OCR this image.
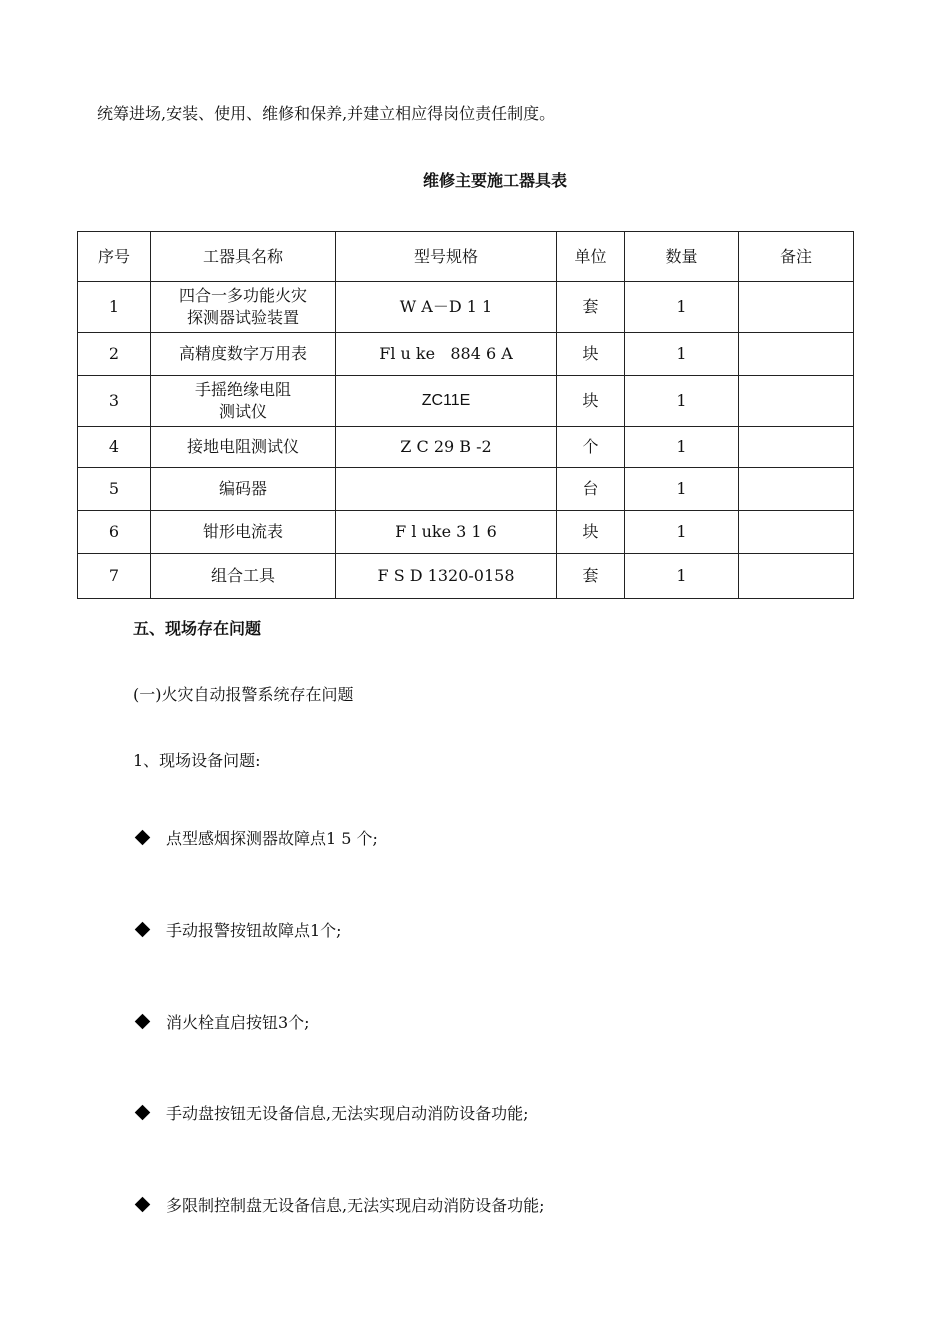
统筹进场,安装、使用、维修和保养,并建立相应得岗位责任制度。
维修主要施工器具表
序号	工器具名称	型号规格	单位	数量	备注
1	四合一多功能火灾
探测器试验装置	W A－D 1 1	套	1	
2	高精度数字万用表	Fl u ke   884 6 A	块	1	
3	手摇绝缘电阻
测试仪	ZC11E	块	1	
4	接地电阻测试仪	Z C 29 B -2	个	1	
5	编码器		台	1	
6	钳形电流表	F l uke 3 1 6	块	1	
7	组合工具	F S D 1320-0158	套	1	
五、现场存在问题
(一)火灾自动报警系统存在问题
1、现场设备问题:
点型感烟探测器故障点1 5 个;
手动报警按钮故障点1个;
消火栓直启按钮3个;
手动盘按钮无设备信息,无法实现启动消防设备功能;
多限制控制盘无设备信息,无法实现启动消防设备功能;
